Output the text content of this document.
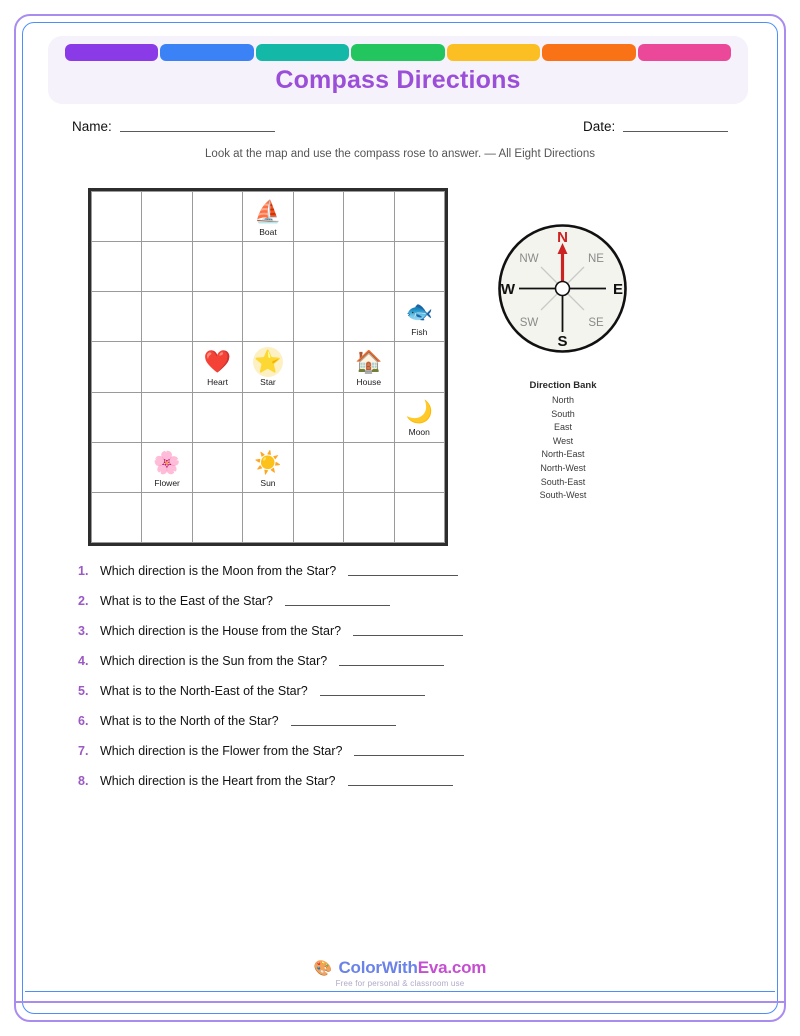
Compass Directions
Name:	Date:
Look at the map and use the compass rose to answer. — All Eight Directions

⛵
Boat			

🐟
Fish

❤️
Heart	⭐
Star		🏠
House	

🌙
Moon

🌸
Flower		☀️
Sun			

N
S
E
W
NW	NE
SW	SE
Direction Bank
North
South
East
West
North-East
North-West
South-East
South-West
1. Which direction is the Moon from the Star?
2. What is to the East of the Star?
3. Which direction is the House from the Star?
4. Which direction is the Sun from the Star?
5. What is to the North-East of the Star?
6. What is to the North of the Star?
7. Which direction is the Flower from the Star?
8. Which direction is the Heart from the Star?
🎨 ColorWithEva.com
Free for personal & classroom use
